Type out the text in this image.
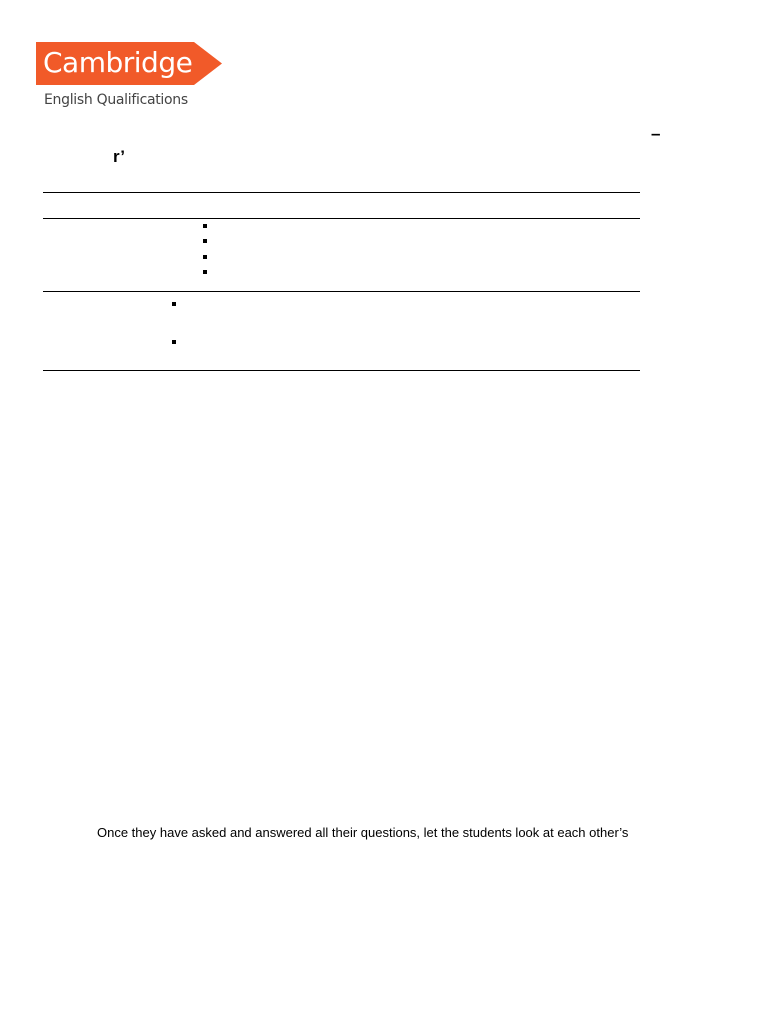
Cambridge
English Qualifications
–
r’

Once they have asked and answered all their questions, let the students look at each other’s
